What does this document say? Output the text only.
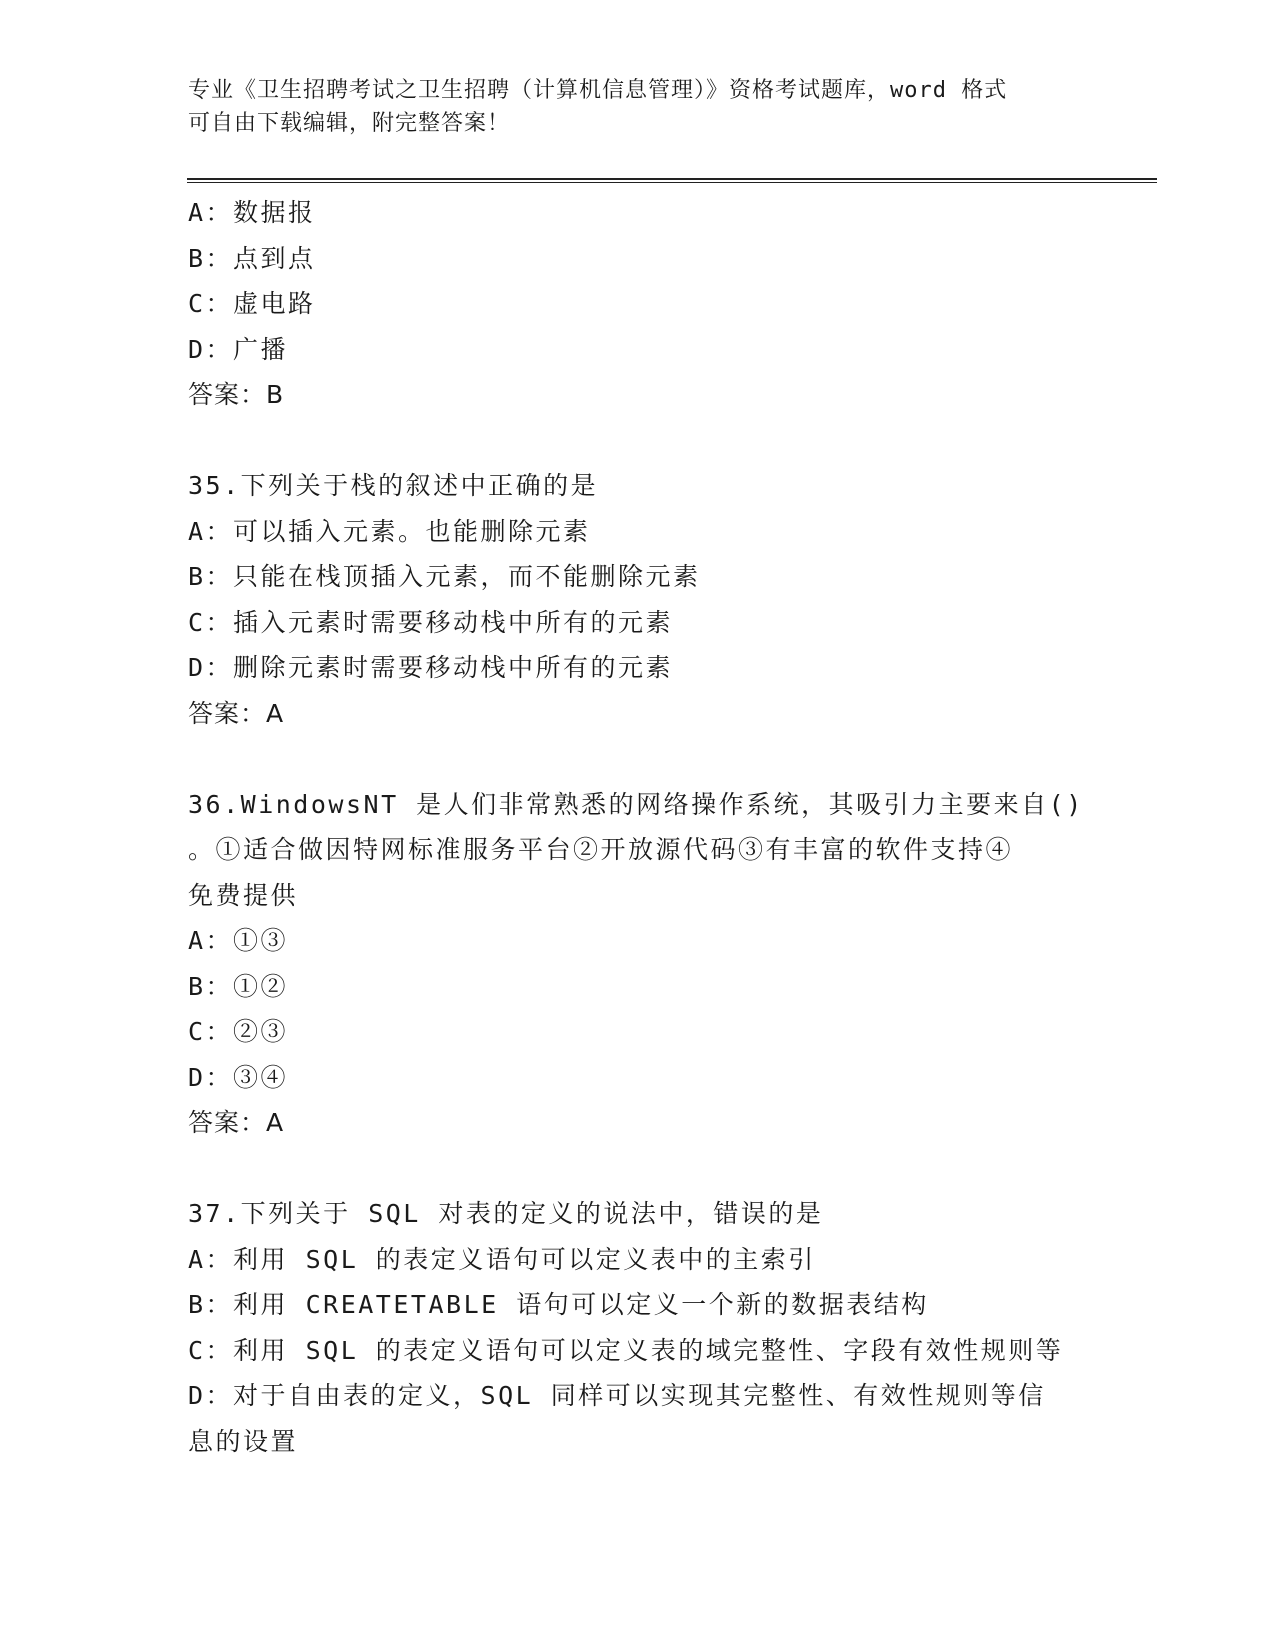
专业《卫生招聘考试之卫生招聘（计算机信息管理）》资格考试题库，word 格式
可自由下载编辑，附完整答案！
A：数据报
B：点到点
C：虚电路
D：广播
答案：B
35.下列关于栈的叙述中正确的是
A：可以插入元素。也能删除元素
B：只能在栈顶插入元素，而不能删除元素
C：插入元素时需要移动栈中所有的元素
D：删除元素时需要移动栈中所有的元素
答案：A
36.WindowsNT 是人们非常熟悉的网络操作系统，其吸引力主要来自()
。①适合做因特网标准服务平台②开放源代码③有丰富的软件支持④
免费提供
A：①③
B：①②
C：②③
D：③④
答案：A
37.下列关于 SQL 对表的定义的说法中，错误的是
A：利用 SQL 的表定义语句可以定义表中的主索引
B：利用 CREATETABLE 语句可以定义一个新的数据表结构
C：利用 SQL 的表定义语句可以定义表的域完整性、字段有效性规则等
D：对于自由表的定义，SQL 同样可以实现其完整性、有效性规则等信
息的设置
